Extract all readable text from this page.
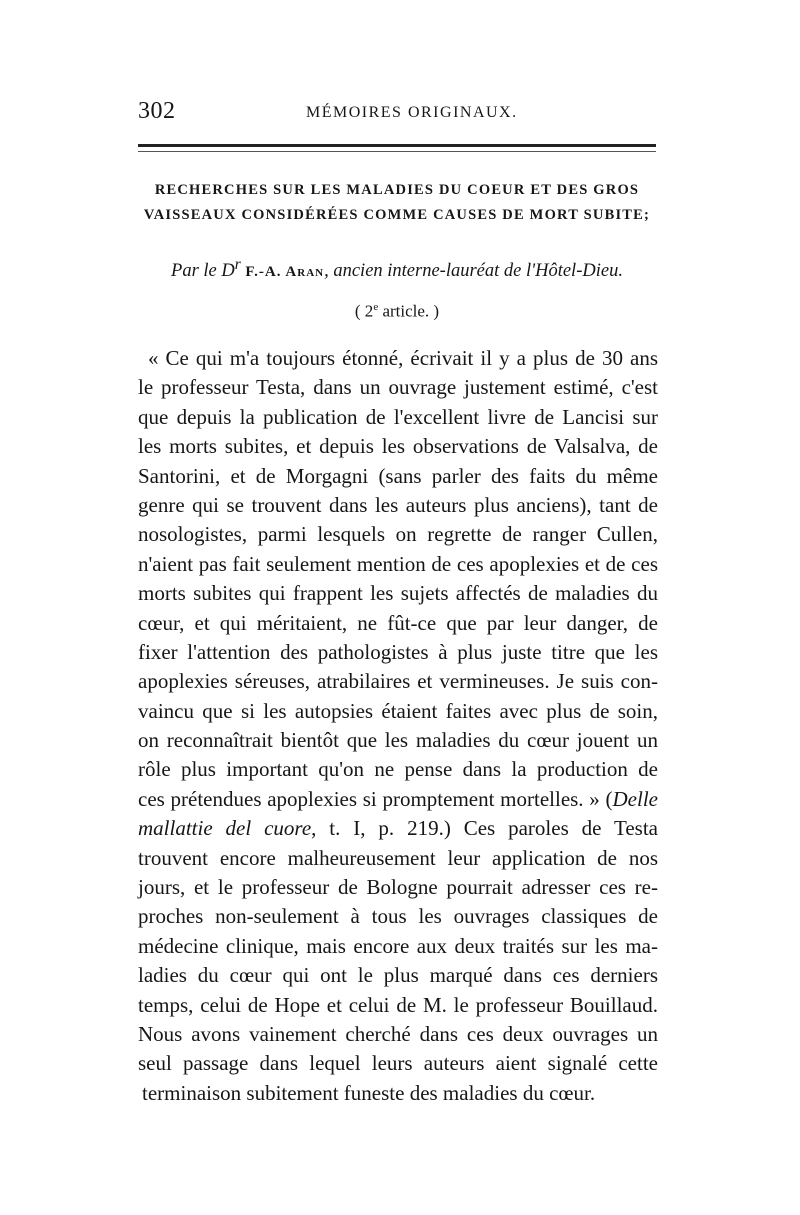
302	MÉMOIRES ORIGINAUX.
RECHERCHES SUR LES MALADIES DU COEUR ET DES GROS
VAISSEAUX CONSIDÉRÉES COMME CAUSES DE MORT SUBITE;
Par le $D^r$ F.-A. Aran, ancien interne-lauréat de l'Hôtel-Dieu.
( 2e article. )
« Ce qui m'a toujours étonné, écrivait il y a plus de 30 ans
le professeur Testa, dans un ouvrage justement estimé, c'est
que depuis la publication de l'excellent livre de Lancisi sur
les morts subites, et depuis les observations de Valsalva, de
Santorini, et de Morgagni (sans parler des faits du même
genre qui se trouvent dans les auteurs plus anciens), tant de
nosologistes, parmi lesquels on regrette de ranger Cullen,
n'aient pas fait seulement mention de ces apoplexies et de ces
morts subites qui frappent les sujets affectés de maladies du
cœur, et qui méritaient, ne fût-ce que par leur danger, de
fixer l'attention des pathologistes à plus juste titre que les
apoplexies séreuses, atrabilaires et vermineuses. Je suis con-
vaincu que si les autopsies étaient faites avec plus de soin,
on reconnaîtrait bientôt que les maladies du cœur jouent un
rôle plus important qu'on ne pense dans la production de
ces prétendues apoplexies si promptement mortelles. » (Delle
mallattie del cuore, t. I, p. 219.) Ces paroles de Testa
trouvent encore malheureusement leur application de nos
jours, et le professeur de Bologne pourrait adresser ces re-
proches non-seulement à tous les ouvrages classiques de
médecine clinique, mais encore aux deux traités sur les ma-
ladies du cœur qui ont le plus marqué dans ces derniers
temps, celui de Hope et celui de M. le professeur Bouillaud.
Nous avons vainement cherché dans ces deux ouvrages un
seul passage dans lequel leurs auteurs aient signalé cette
terminaison subitement funeste des maladies du cœur.
